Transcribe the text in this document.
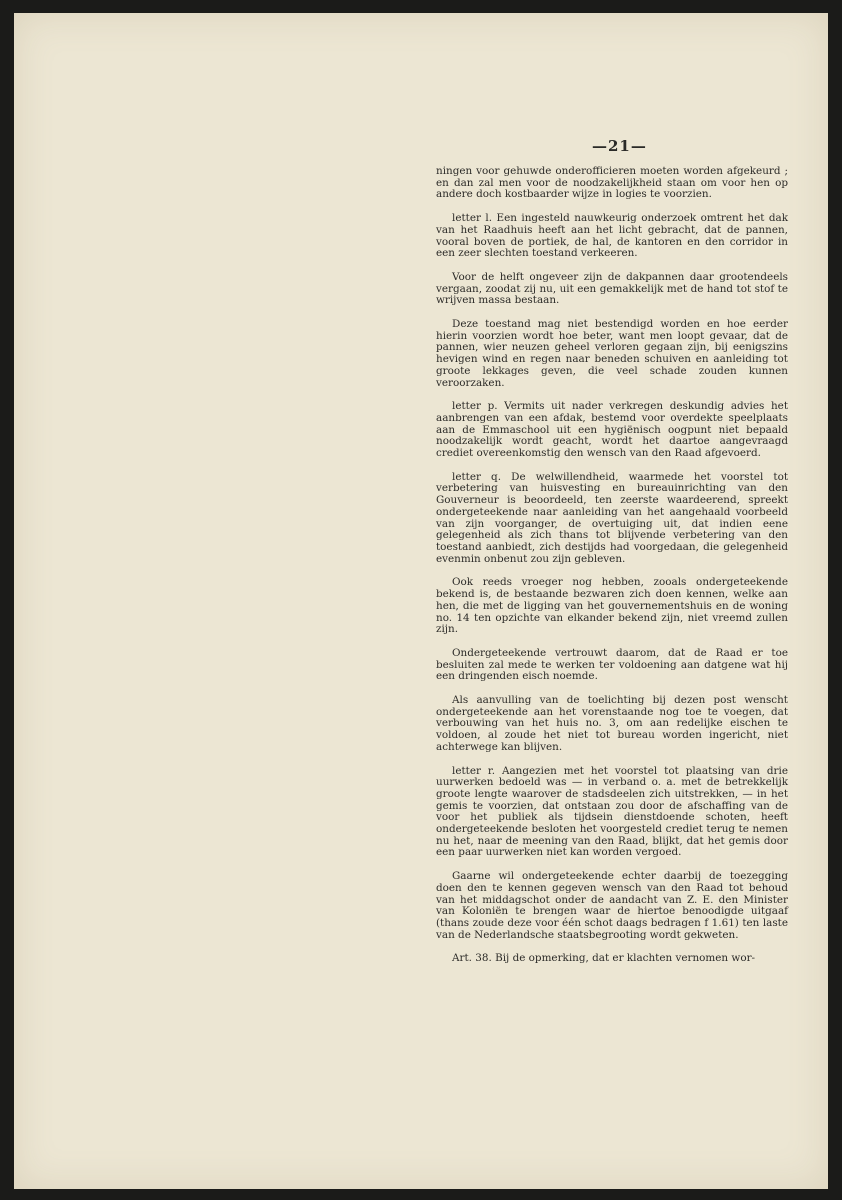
—21—

ningen voor gehuwde onderofficieren moeten worden afgekeurd ; en dan zal men voor de noodzakelijkheid staan om voor hen op andere doch kostbaarder wijze in logies te voorzien.

letter l. Een ingesteld nauwkeurig onderzoek omtrent het dak van het Raadhuis heeft aan het licht gebracht, dat de pannen, vooral boven de portiek, de hal, de kantoren en den corridor in een zeer slechten toestand verkeeren.

Voor de helft ongeveer zijn de dakpannen daar grootendeels vergaan, zoodat zij nu, uit een gemakkelijk met de hand tot stof te wrijven massa bestaan.

Deze toestand mag niet bestendigd worden en hoe eerder hierin voorzien wordt hoe beter, want men loopt gevaar, dat de pannen, wier neuzen geheel verloren gegaan zijn, bij eenigszins hevigen wind en regen naar beneden schuiven en aanleiding tot groote lekkages geven, die veel schade zouden kunnen veroorzaken.

letter p. Vermits uit nader verkregen deskundig advies het aanbrengen van een afdak, bestemd voor overdekte speelplaats aan de Emmaschool uit een hygiënisch oogpunt niet bepaald noodzakelijk wordt geacht, wordt het daartoe aangevraagd crediet overeenkomstig den wensch van den Raad afgevoerd.

letter q. De welwillendheid, waarmede het voorstel tot verbetering van huisvesting en bureauinrichting van den Gouverneur is beoordeeld, ten zeerste waardeerend, spreekt ondergeteekende naar aanleiding van het aangehaald voorbeeld van zijn voorganger, de overtuiging uit, dat indien eene gelegenheid als zich thans tot blijvende verbetering van den toestand aanbiedt, zich destijds had voorgedaan, die gelegenheid evenmin onbenut zou zijn gebleven.

Ook reeds vroeger nog hebben, zooals ondergeteekende bekend is, de bestaande bezwaren zich doen kennen, welke aan hen, die met de ligging van het gouvernementshuis en de woning no. 14 ten opzichte van elkander bekend zijn, niet vreemd zullen zijn.

Ondergeteekende vertrouwt daarom, dat de Raad er toe besluiten zal mede te werken ter voldoening aan datgene wat hij een dringenden eisch noemde.

Als aanvulling van de toelichting bij dezen post wenscht ondergeteekende aan het vorenstaande nog toe te voegen, dat verbouwing van het huis no. 3, om aan redelijke eischen te voldoen, al zoude het niet tot bureau worden ingericht, niet achterwege kan blijven.

letter r. Aangezien met het voorstel tot plaatsing van drie uurwerken bedoeld was — in verband o. a. met de betrekkelijk groote lengte waarover de stadsdeelen zich uitstrekken, — in het gemis te voorzien, dat ontstaan zou door de afschaffing van de voor het publiek als tijdsein dienstdoende schoten, heeft ondergeteekende besloten het voorgesteld crediet terug te nemen nu het, naar de meening van den Raad, blijkt, dat het gemis door een paar uurwerken niet kan worden vergoed.

Gaarne wil ondergeteekende echter daarbij de toezegging doen den te kennen gegeven wensch van den Raad tot behoud van het middagschot onder de aandacht van Z. E. den Minister van Koloniën te brengen waar de hiertoe benoodigde uitgaaf (thans zoude deze voor één schot daags bedragen f 1.61) ten laste van de Nederlandsche staatsbegrooting wordt gekweten.

Art. 38. Bij de opmerking, dat er klachten vernomen wor-
